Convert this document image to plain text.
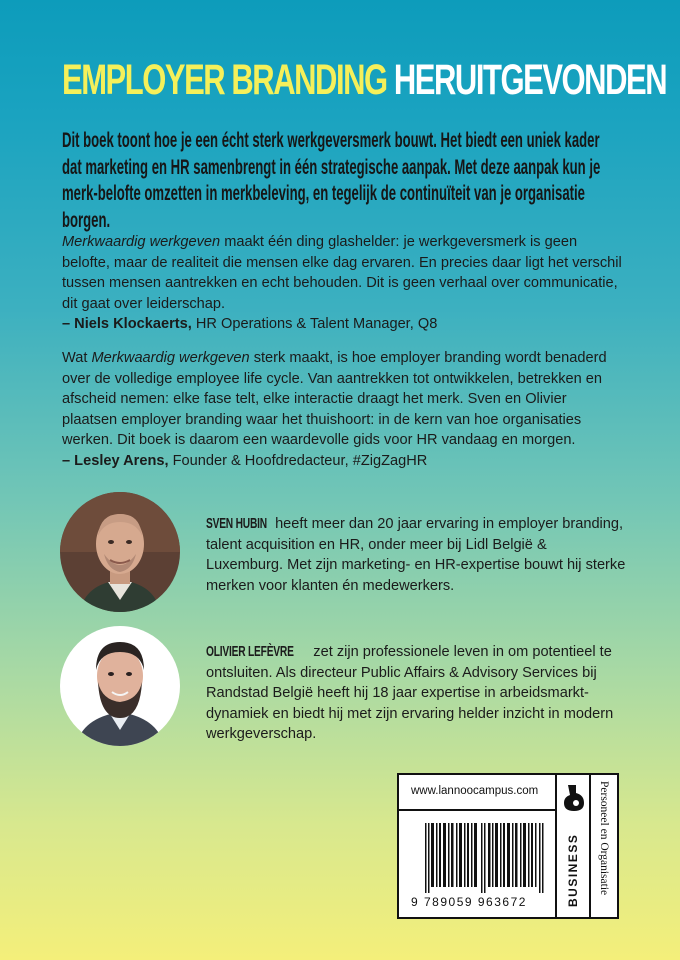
EMPLOYER BRANDING HERUITGEVONDEN

Dit boek toont hoe je een écht sterk werkgeversmerk bouwt. Het biedt een uniek kader dat marketing en HR samenbrengt in één strategische aanpak. Met deze aanpak kun je merk-belofte omzetten in merkbeleving, en tegelijk de continuïteit van je organisatie borgen.

Merkwaardig werkgeven maakt één ding glashelder: je werkgeversmerk is geen belofte, maar de realiteit die mensen elke dag ervaren. En precies daar ligt het verschil tussen mensen aantrekken en echt behouden. Dit is geen verhaal over communicatie, dit gaat over leiderschap.
– Niels Klockaerts, HR Operations & Talent Manager, Q8

Wat Merkwaardig werkgeven sterk maakt, is hoe employer branding wordt benaderd over de volledige employee life cycle. Van aantrekken tot ontwikkelen, betrekken en afscheid nemen: elke fase telt, elke interactie draagt het merk. Sven en Olivier plaatsen employer branding waar het thuishoort: in de kern van hoe organisaties werken. Dit boek is daarom een waardevolle gids voor HR vandaag en morgen.
– Lesley Arens, Founder & Hoofdredacteur, #ZigZagHR

SVEN HUBIN heeft meer dan 20 jaar ervaring in employer branding, talent acquisition en HR, onder meer bij Lidl België & Luxemburg. Met zijn marketing- en HR-expertise bouwt hij sterke merken voor klanten én medewerkers.

OLIVIER LEFÈVRE zet zijn professionele leven in om potentieel te ontsluiten. Als directeur Public Affairs & Advisory Services bij Randstad België heeft hij 18 jaar expertise in arbeidsmarkt-dynamiek en biedt hij met zijn ervaring helder inzicht in modern werkgeverschap.

www.lannoocampus.com
9 789059 963672	BUSINESS Personeel en Organisatie
